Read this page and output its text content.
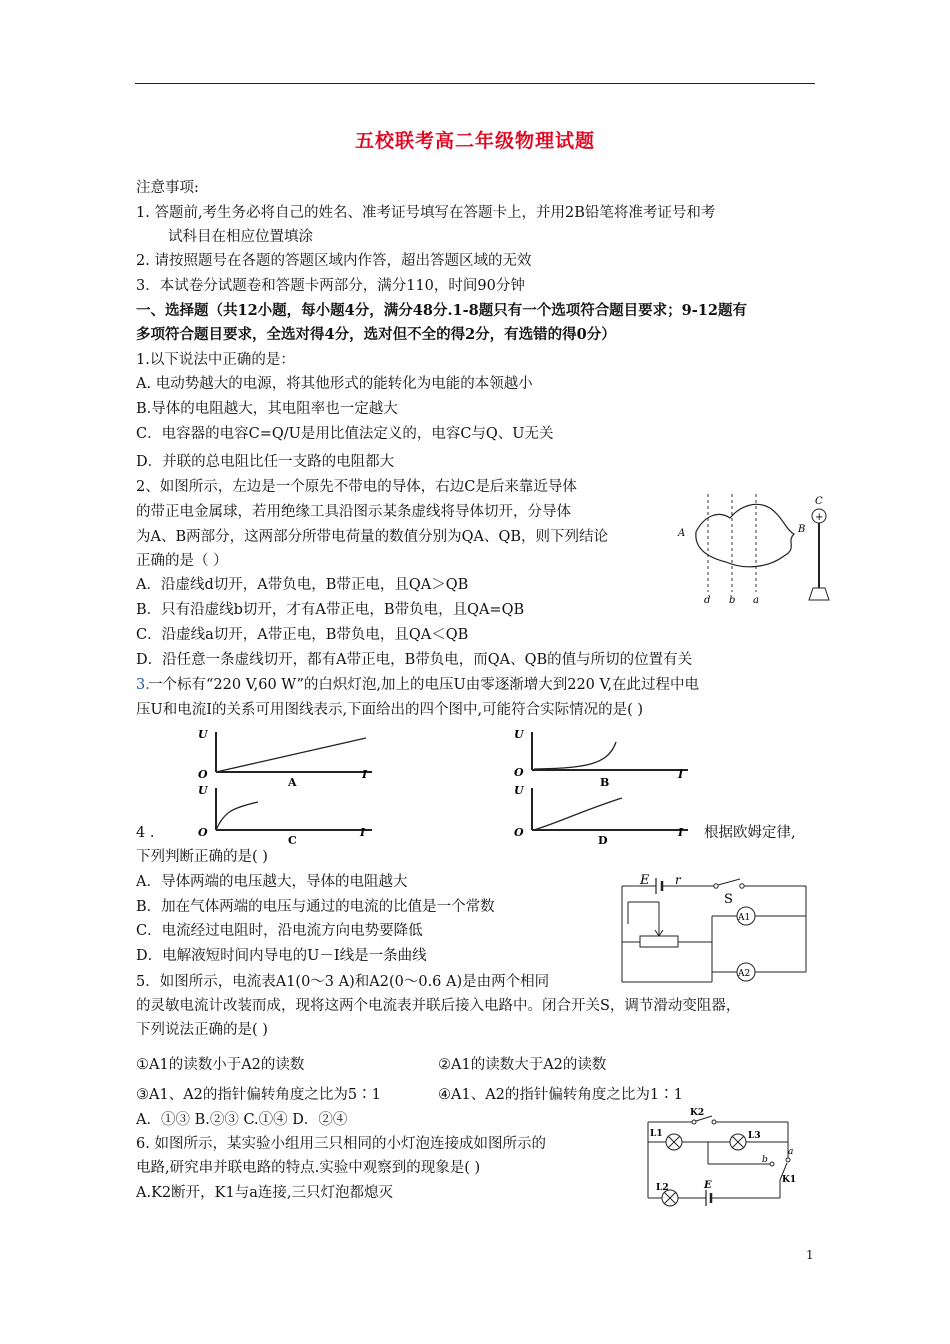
五校联考高二年级物理试题
注意事项:
1. 答题前,考生务必将自己的姓名、准考证号填写在答题卡上，并用2B铅笔将准考证号和考
试科目在相应位置填涂
2. 请按照题号在各题的答题区域内作答，超出答题区域的无效
3．本试卷分试题卷和答题卡两部分，满分110，时间90分钟
一、选择题（共12小题，每小题4分，满分48分.1-8题只有一个选项符合题目要求；9-12题有
多项符合题目要求，全选对得4分，选对但不全的得2分，有选错的得0分）
1.以下说法中正确的是：
A. 电动势越大的电源，将其他形式的能转化为电能的本领越小
B.导体的电阻越大，其电阻率也一定越大
C．电容器的电容C=Q/U是用比值法定义的，电容C与Q、U无关
D．并联的总电阻比任一支路的电阻都大
2、如图所示，左边是一个原先不带电的导体，右边C是后来靠近导体
的带正电金属球，若用绝缘工具沿图示某条虚线将导体切开，分导体
为A、B两部分，这两部分所带电荷量的数值分别为QA、QB，则下列结论
正确的是（ ）
A．沿虚线d切开，A带负电，B带正电，且QA＞QB
B．只有沿虚线b切开，才有A带正电，B带负电，且QA=QB
C．沿虚线a切开，A带正电，B带负电，且QA＜QB
D．沿任意一条虚线切开，都有A带正电，B带负电，而QA、QB的值与所切的位置有关
A	B
d b a
C
+
3.
一个标有“220 V,60 W”的白炽灯泡,加上的电压U由零逐渐增大到220 V,在此过程中电
压U和电流I的关系可用图线表示,下面给出的四个图中,可能符合实际情况的是( )
U
O	I
A
U
O	I
B
U
O	I
C
U
O	I
D
4 .	根据欧姆定律,
下列判断正确的是( )
A．导体两端的电压越大，导体的电阻越大
B．加在气体两端的电压与通过的电流的比值是一个常数
C．电流经过电阻时，沿电流方向电势要降低
D．电解液短时间内导电的U－I线是一条曲线
E r
S
A1
A2
5．如图所示，电流表A1(0～3 A)和A2(0～0.6 A)是由两个相同
的灵敏电流计改装而成，现将这两个电流表并联后接入电路中。闭合开关S，调节滑动变阻器，
下列说法正确的是( )
①A1的读数小于A2的读数	②A1的读数大于A2的读数
③A1、A2的指针偏转角度之比为5∶1	④A1、A2的指针偏转角度之比为1∶1
A．①③ B.②③ C.①④ D．②④
6. 如图所示，某实验小组用三只相同的小灯泡连接成如图所示的
电路,研究串并联电路的特点.实验中观察到的现象是( )
A.K2断开，K1与a连接,三只灯泡都熄灭
K2
L1	L3
L2	E	K1
a
b
1
